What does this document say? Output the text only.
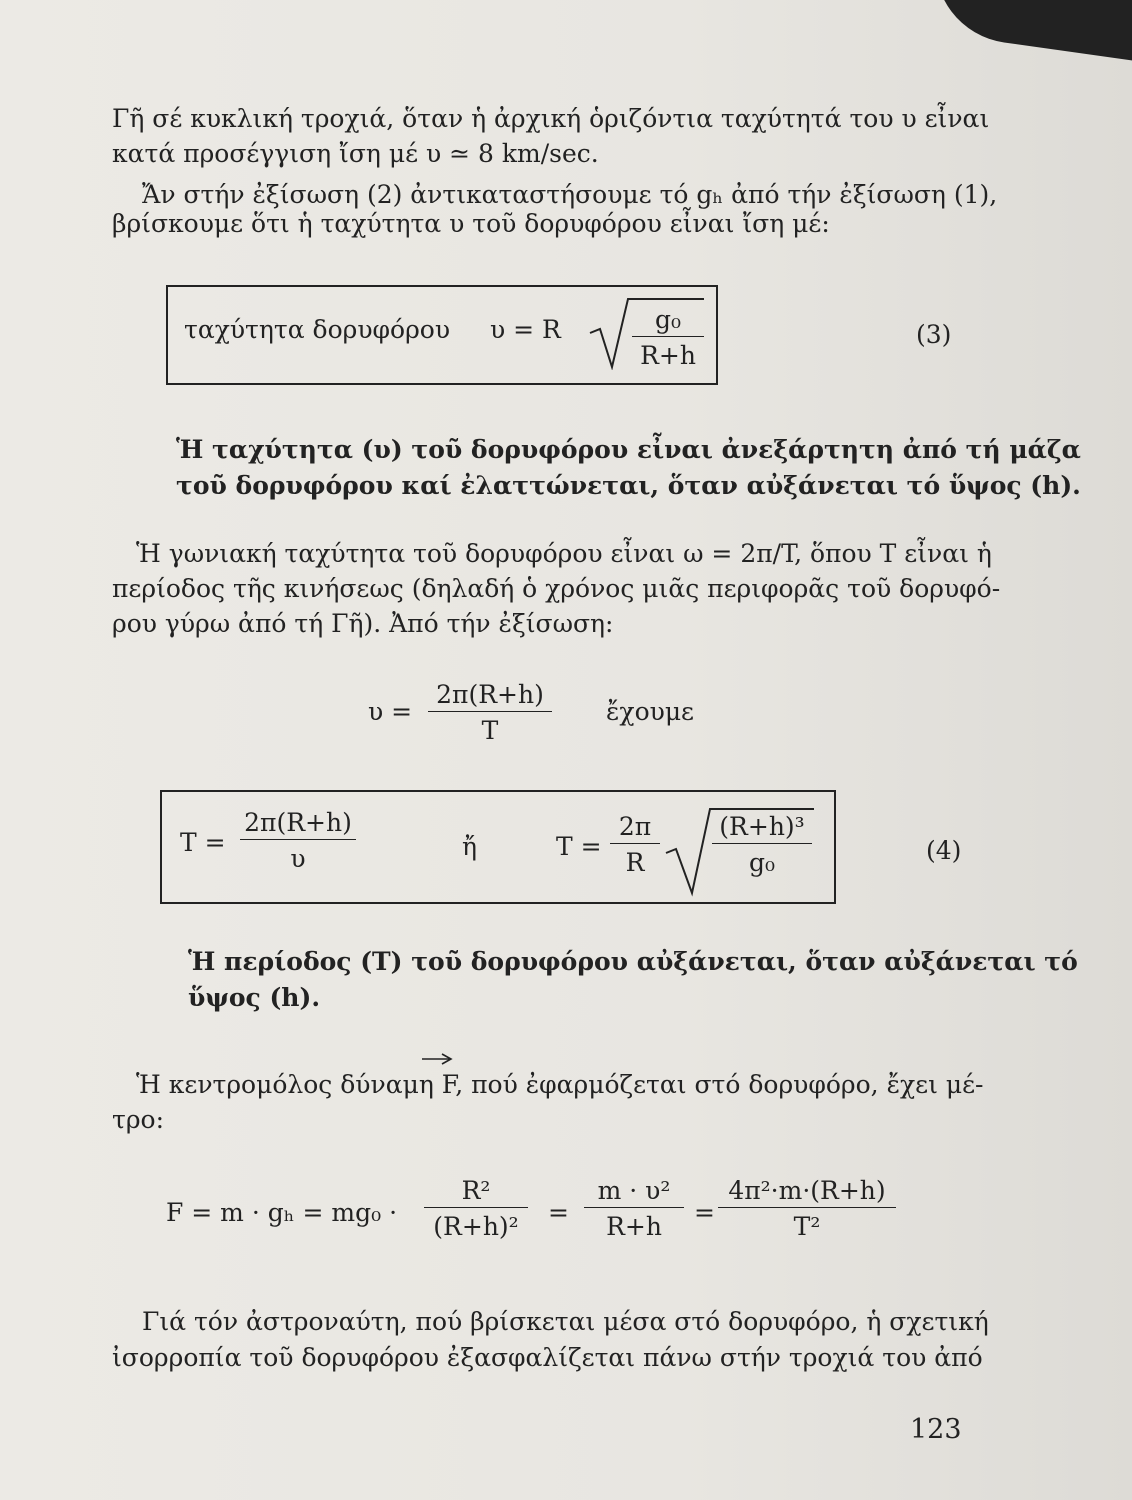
Γῆ σέ κυκλική τροχιά, ὅταν ἡ ἀρχική ὁριζόντια ταχύτητά του υ εἶναι
κατά προσέγγιση ἴση μέ υ ≃ 8 km/sec.
Ἄν στήν ἐξίσωση (2) ἀντικαταστήσουμε τό gₕ ἀπό τήν ἐξίσωση (1),
βρίσκουμε ὅτι ἡ ταχύτητα υ τοῦ δορυφόρου εἶναι ἴση μέ:
ταχύτητα δορυφόρου υ = R	$\frac{\text{g₀}}{R+h}$	(3)
Ἡ ταχύτητα (υ) τοῦ δορυφόρου εἶναι ἀνεξάρτητη ἀπό τή μάζα
τοῦ δορυφόρου καί ἐλαττώνεται, ὅταν αὐξάνεται τό ὕψος (h).
Ἡ γωνιακή ταχύτητα τοῦ δορυφόρου εἶναι ω = 2π/T, ὅπου T εἶναι ἡ
περίοδος τῆς κινήσεως (δηλαδή ὁ χρόνος μιᾶς περιφορᾶς τοῦ δορυφό-
ρου γύρω ἀπό τή Γῆ). Ἀπό τήν ἐξίσωση:
$\upsilon = \frac{2\pi(R+h)}{T}$ ἔχουμε
$T = \frac{2\pi(R+h)}{\upsilon}$	ἤ	$T = \frac{2\pi}{R} \frac{\text{(R+h)³}}{\text{g₀}}$	(4)
Ἡ περίοδος (T) τοῦ δορυφόρου αὐξάνεται, ὅταν αὐξάνεται τό
ὕψος (h).
Ἡ κεντρομόλος δύναμη F, πού ἐφαρμόζεται στό δορυφόρο, ἔχει μέ-
τρο:
$F = m \cdot g_h = mg_0 \cdot \frac{\text{R²}}{\text{(R+h)²}} = \frac{\text{m · υ²}}{R+h} = \frac{\text{4π²·m·(R+h)}}{\text{T²}}$
Γιά τόν ἀστροναύτη, πού βρίσκεται μέσα στό δορυφόρο, ἡ σχετική
ἰσορροπία τοῦ δορυφόρου ἐξασφαλίζεται πάνω στήν τροχιά του ἀπό
123
